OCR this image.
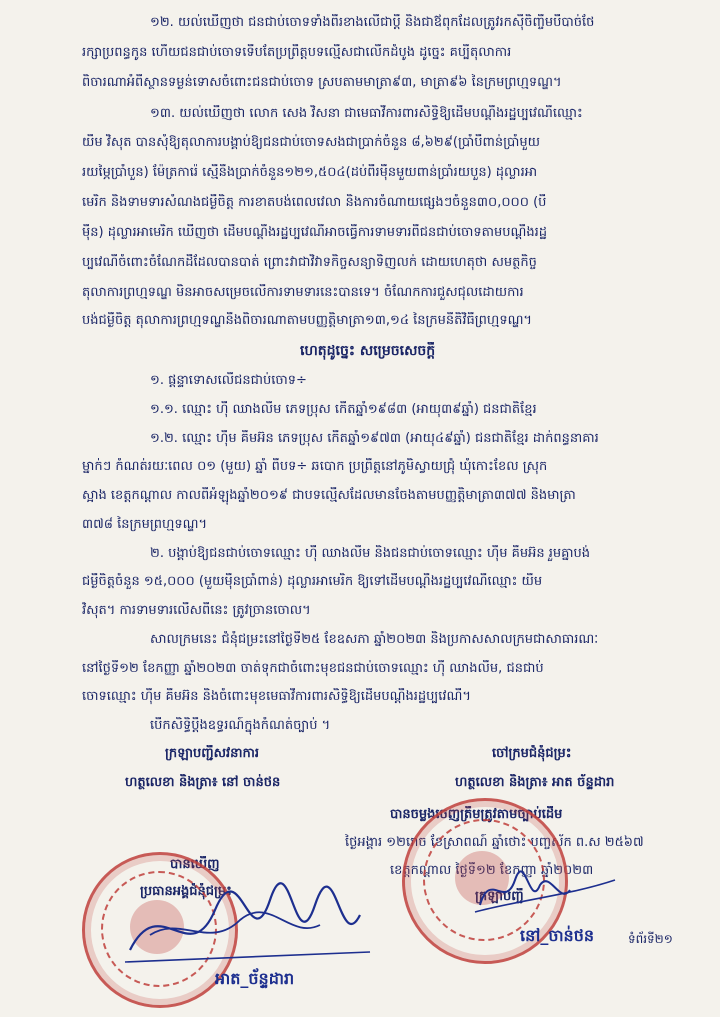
១២. យល់ឃើញថា ជនជាប់ចោទទាំងពីរខាងលើជាប្ដី និងជាឪពុកដែលត្រូវរកស៊ីចិញ្ចឹមបីបាច់ថែ
រក្សាប្រពន្ធកូន ហើយជនជាប់ចោទទើបតែប្រព្រឹត្តបទល្មើសជាលើកដំបូង ដូច្នេះ គប្បីតុលាការ
ពិចារណាអំពីស្ថានទម្ងន់ទោសចំពោះជនជាប់ចោទ ស្របតាមមាត្រា៩៣, មាត្រា៩៦ នៃក្រមព្រហ្មទណ្ឌ។
១៣. យល់ឃើញថា លោក សេង វិសនា ជាមេធាវីការពារសិទ្ធិឱ្យដើមបណ្ដឹងរដ្ឋប្បវេណីឈ្មោះ
យឹម វិសុត បានសុំឱ្យតុលាការបង្គាប់ឱ្យជនជាប់ចោទសងជាប្រាក់ចំនួន ៨,៦២៩(ប្រាំបីពាន់ប្រាំមួយ
រយម្ភៃប្រាំបួន) ម៉ែត្រការ៉េ ស្មើនឹងប្រាក់ចំនួន១២១,៥០៤(ដប់ពីរម៉ឺនមួយពាន់ប្រាំរយបួន) ដុល្លារអា
មេរិក និងទាមទារសំណងជម្ងឺចិត្ត ការខាតបង់ពេលវេលា និងការចំណាយផ្សេងៗចំនួន៣០,០០០ (បី
ម៉ឺន) ដុល្លារអាមេរិក ឃើញថា ដើមបណ្ដឹងរដ្ឋប្បវេណីអាចធ្វើការទាមទារពីជនជាប់ចោទតាមបណ្ដឹងរដ្ឋ
ប្បវេណីចំពោះចំណែកដីដែលបានបាត់ ព្រោះវាជាវិវាទកិច្ចសន្យាទិញលក់ ដោយហេតុថា សមត្ថកិច្ច
តុលាការព្រហ្មទណ្ឌ មិនអាចសម្រេចលើការទាមទារនេះបានទេ។ ចំណែកការជួសជុលដោយការ
បង់ជម្ងឺចិត្ត តុលាការព្រហ្មទណ្ឌនឹងពិចារណាតាមបញ្ញត្តិមាត្រា១៣,១៤ នៃក្រមនីតិវិធីព្រហ្មទណ្ឌ។
ហេតុដូច្នេះ សម្រេចសេចក្ដី
១. ផ្ដន្ទាទោសលើជនជាប់ចោទ÷
១.១. ឈ្មោះ ហ៊ី ឈាងលីម ភេទប្រុស កើតឆ្នាំ១៩៨៣ (អាយុ៣៩ឆ្នាំ) ជនជាតិខ្មែរ
១.២. ឈ្មោះ ហ៊ឹម គឹមអ៊ន ភេទប្រុស កើតឆ្នាំ១៩៧៣ (អាយុ៤៩ឆ្នាំ) ជនជាតិខ្មែរ ដាក់ពន្ធនាគារ
ម្នាក់ៗ កំណត់រយៈពេល ០១ (មួយ) ឆ្នាំ ពីបទ÷ ឆបោក ប្រព្រឹត្តនៅភូមិស្វាយជ្រុំ ឃុំកោះខែល ស្រុក
ស្អាង ខេត្តកណ្ដាល កាលពីអំឡុងឆ្នាំ២០១៩ ជាបទល្មើសដែលមានចែងតាមបញ្ញត្តិមាត្រា៣៧៧ និងមាត្រា
៣៧៨ នៃក្រមព្រហ្មទណ្ឌ។
២. បង្គាប់ឱ្យជនជាប់ចោទឈ្មោះ ហ៊ី ឈាងលីម និងជនជាប់ចោទឈ្មោះ ហ៊ឹម គឹមអ៊ន រួមគ្នាបង់
ជម្ងឺចិត្តចំនួន ១៥,០០០ (មួយម៉ឺនប្រាំពាន់) ដុល្លារអាមេរិក ឱ្យទៅដើមបណ្ដឹងរដ្ឋប្បវេណីឈ្មោះ យឹម
វិសុត។ ការទាមទារលើសពីនេះ ត្រូវច្រានចោល។
សាលក្រមនេះ ជំនុំជម្រះនៅថ្ងៃទី២៥ ខែឧសភា ឆ្នាំ២០២៣ និងប្រកាសសាលក្រមជាសាធារណៈ
នៅថ្ងៃទី១២ ខែកញ្ញា ឆ្នាំ២០២៣ ចាត់ទុកជាចំពោះមុខជនជាប់ចោទឈ្មោះ ហ៊ី ឈាងលីម, ជនជាប់
ចោទឈ្មោះ ហ៊ឹម គឹមអ៊ន និងចំពោះមុខមេធាវីការពារសិទ្ធិឱ្យដើមបណ្ដឹងរដ្ឋប្បវេណី។
បើកសិទ្ធិប្ដឹងឧទ្ធរណ៍ក្នុងកំណត់ច្បាប់ ។
ក្រឡាបញ្ជីសវនាការ	ចៅក្រមជំនុំជម្រះ
ហត្ថលេខា និងត្រា៖ នៅ ចាន់ថន	ហត្ថលេខា និងត្រា៖ អាត ច័ន្ទដារា
បានចម្លងចេញត្រឹមត្រូវតាមច្បាប់ដើម
ថ្ងៃអង្គារ ១២រោច ខែស្រាពណ៍ ឆ្នាំថោះ បញ្ចស័ក ព.ស ២៥៦៧
ខេត្តកណ្ដាល ថ្ងៃទី១២ ខែកញ្ញា ឆ្នាំ២០២៣
ក្រឡាបញ្ជី
បានឃើញ
ប្រធានអង្គជំនុំជម្រះ
អាត_ច័ន្ទដារា
នៅ_ចាន់ថន	ទំព័រទី២១
